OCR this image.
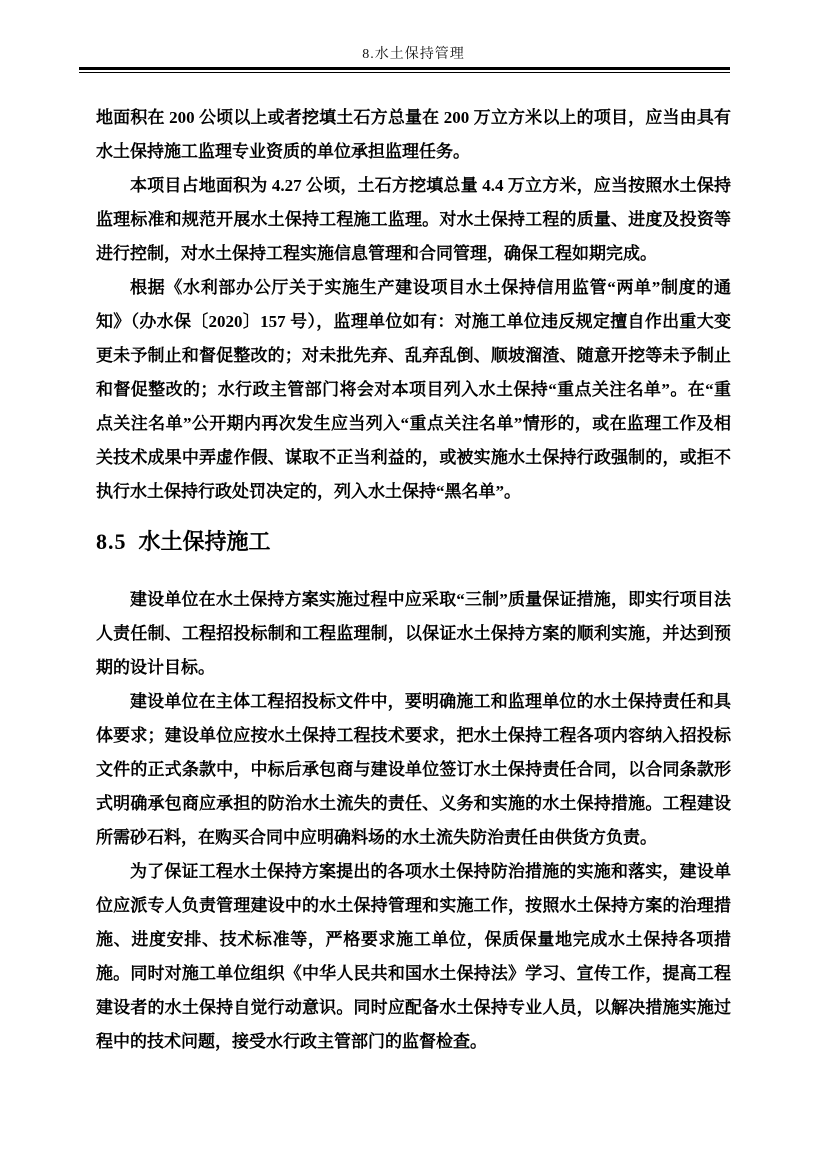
8.水土保持管理

地面积在 200 公顷以上或者挖填土石方总量在 200 万立方米以上的项目，应当由具有水土保持施工监理专业资质的单位承担监理任务。

本项目占地面积为 4.27 公顷，土石方挖填总量 4.4 万立方米，应当按照水土保持监理标准和规范开展水土保持工程施工监理。对水土保持工程的质量、进度及投资等进行控制，对水土保持工程实施信息管理和合同管理，确保工程如期完成。

根据《水利部办公厅关于实施生产建设项目水土保持信用监管“两单”制度的通知》（办水保〔2020〕157 号），监理单位如有：对施工单位违反规定擅自作出重大变更未予制止和督促整改的；对未批先弃、乱弃乱倒、顺坡溜渣、随意开挖等未予制止和督促整改的；水行政主管部门将会对本项目列入水土保持“重点关注名单”。在“重点关注名单”公开期内再次发生应当列入“重点关注名单”情形的，或在监理工作及相关技术成果中弄虚作假、谋取不正当利益的，或被实施水土保持行政强制的，或拒不执行水土保持行政处罚决定的，列入水土保持“黑名单”。

8.5 水土保持施工

建设单位在水土保持方案实施过程中应采取“三制”质量保证措施，即实行项目法人责任制、工程招投标制和工程监理制，以保证水土保持方案的顺利实施，并达到预期的设计目标。

建设单位在主体工程招投标文件中，要明确施工和监理单位的水土保持责任和具体要求；建设单位应按水土保持工程技术要求，把水土保持工程各项内容纳入招投标文件的正式条款中，中标后承包商与建设单位签订水土保持责任合同，以合同条款形式明确承包商应承担的防治水土流失的责任、义务和实施的水土保持措施。工程建设所需砂石料，在购买合同中应明确料场的水土流失防治责任由供货方负责。

为了保证工程水土保持方案提出的各项水土保持防治措施的实施和落实，建设单位应派专人负责管理建设中的水土保持管理和实施工作，按照水土保持方案的治理措施、进度安排、技术标准等，严格要求施工单位，保质保量地完成水土保持各项措施。同时对施工单位组织《中华人民共和国水土保持法》学习、宣传工作，提高工程建设者的水土保持自觉行动意识。同时应配备水土保持专业人员，以解决措施实施过程中的技术问题，接受水行政主管部门的监督检查。
